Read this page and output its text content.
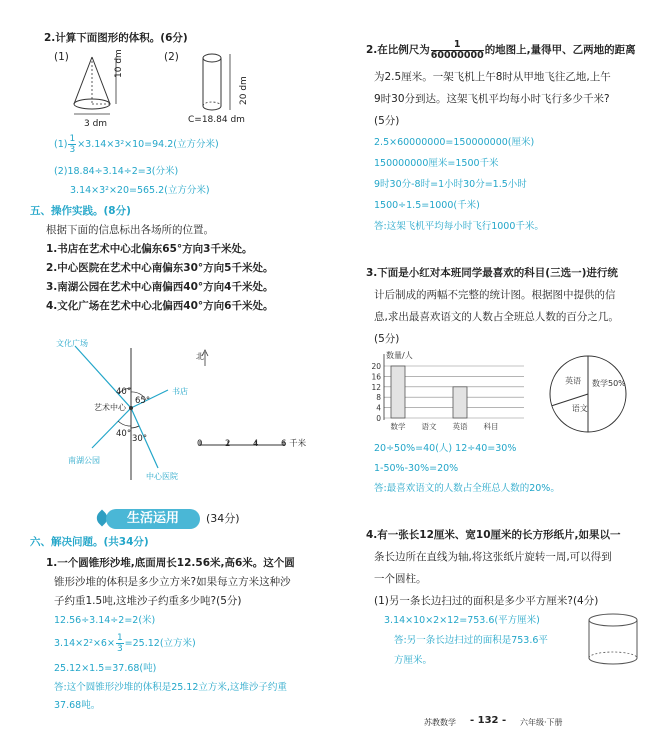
2.计算下面图形的体积。(6分)
(1)	(2)
10 dm
3 dm
20 dm
C=18.84 dm
$(1) \frac{1}{3} \times 3.14\times 3^2\times 10=94.2$(立方分米)
(2)18.84÷3.14÷2=3(分米)
3.14×3²×20=565.2(立方分米)
五、操作实践。(8分)
根据下面的信息标出各场所的位置。
1.书店在艺术中心北偏东65°方向3千米处。
2.中心医院在艺术中心南偏东30°方向5千米处。
3.南湖公园在艺术中心南偏西40°方向4千米处。
4.文化广场在艺术中心北偏西40°方向6千米处。
文化广场
书店
艺术中心
南湖公园
中心医院
北
40°
65°
40° 30°	0	2	4	6 千米
生活运用	(34分)
六、解决问题。(共34分)
1.一个圆锥形沙堆,底面周长12.56米,高6米。这个圆
锥形沙堆的体积是多少立方米?如果每立方米这种沙
子约重1.5吨,这堆沙子约重多少吨?(5分)
12.56÷3.14÷2=2(米)
$3.14\times 2^2\times 6\times \frac{1}{3} =25.12$(立方米)
25.12×1.5=37.68(吨)
答:这个圆锥形沙堆的体积是25.12立方米,这堆沙子约重
37.68吨。
2.在比例尺为 $\frac{1}{60000000}$ 的地图上,量得甲、乙两地的距离
为2.5厘米。一架飞机上午8时从甲地飞往乙地,上午
9时30分到达。这架飞机平均每小时飞行多少千米?
(5分)
2.5×60000000=150000000(厘米)
150000000厘米=1500千米
9时30分-8时=1小时30分=1.5小时
1500÷1.5=1000(千米)
答:这架飞机平均每小时飞行1000千米。
3.下面是小红对本班同学最喜欢的科目(三选一)进行统
计后制成的两幅不完整的统计图。根据图中提供的信
息,求出最喜欢语文的人数占全班总人数的百分之几。
(5分)
数量/人
0
4
8
12
16
20
数学 语文 英语 科目
数学50%
语文
英语
20÷50%=40(人) 12÷40=30%
1-50%-30%=20%
答:最喜欢语文的人数占全班总人数的20%。
4.有一张长12厘米、宽10厘米的长方形纸片,如果以一
条长边所在直线为轴,将这张纸片旋转一周,可以得到
一个圆柱。
(1)另一条长边扫过的面积是多少平方厘米?(4分)
3.14×10×2×12=753.6(平方厘米)
答:另一条长边扫过的面积是753.6平
方厘米。
苏教数学 - 132 - 六年级·下册
